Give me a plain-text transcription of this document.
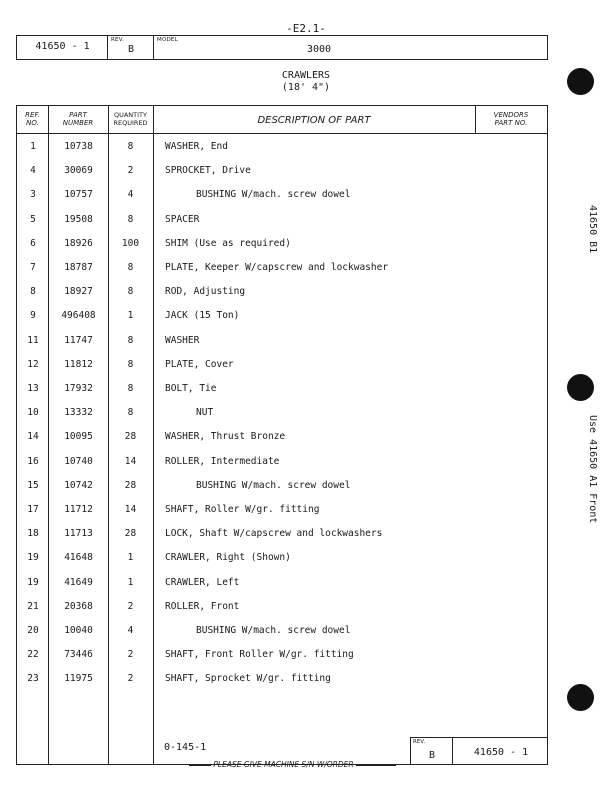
-E2.1-
41650 - 1
REV.
B
MODEL
3000
CRAWLERS
(18' 4")
REF.
NO.
PART
NUMBER
QUANTITY
REQUIRED	DESCRIPTION OF PART	VENDORS
PART NO.
1	10738	8	WASHER, End
4	30069	2	SPROCKET, Drive
3	10757	4	BUSHING W/mach. screw dowel
5	19508	8	SPACER
6	18926	100	SHIM (Use as required)
7	18787	8	PLATE, Keeper W/capscrew and lockwasher
8	18927	8	ROD, Adjusting
9	496408	1	JACK (15 Ton)
11	11747	8	WASHER
12	11812	8	PLATE, Cover
13	17932	8	BOLT, Tie
10	13332	8	NUT
14	10095	28	WASHER, Thrust Bronze
16	10740	14	ROLLER, Intermediate
15	10742	28	BUSHING W/mach. screw dowel
17	11712	14	SHAFT, Roller W/gr. fitting
18	11713	28	LOCK, Shaft W/capscrew and lockwashers
19	41648	1	CRAWLER, Right (Shown)
19	41649	1	CRAWLER, Left
21	20368	2	ROLLER, Front
20	10040	4	BUSHING W/mach. screw dowel
22	73446	2	SHAFT, Front Roller W/gr. fitting
23	11975	2	SHAFT, Sprocket W/gr. fitting
0-145-1	REV.
B	41650 - 1
PLEASE GIVE MACHINE S/N W/ORDER
41650 B1
Use 41650 A1 Front
